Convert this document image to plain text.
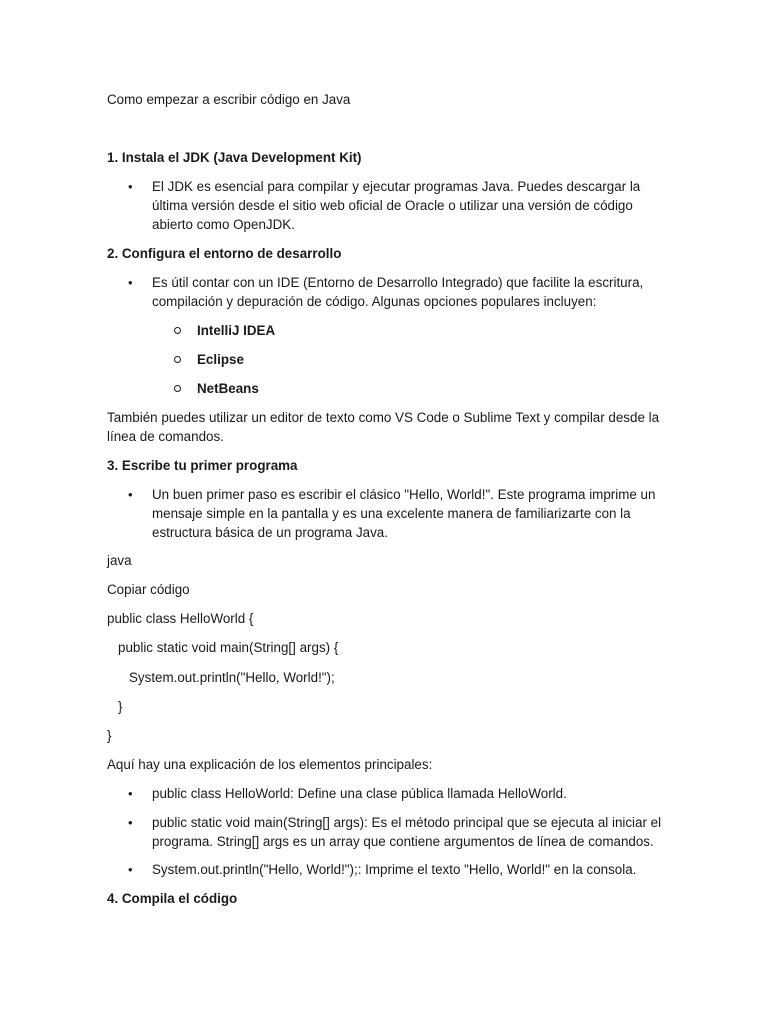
Como empezar a escribir código en Java
1. Instala el JDK (Java Development Kit)
• El JDK es esencial para compilar y ejecutar programas Java. Puedes descargar la
última versión desde el sitio web oficial de Oracle o utilizar una versión de código
abierto como OpenJDK.
2. Configura el entorno de desarrollo
• Es útil contar con un IDE (Entorno de Desarrollo Integrado) que facilite la escritura,
compilación y depuración de código. Algunas opciones populares incluyen:
IntelliJ IDEA
Eclipse
NetBeans
También puedes utilizar un editor de texto como VS Code o Sublime Text y compilar desde la
línea de comandos.
3. Escribe tu primer programa
• Un buen primer paso es escribir el clásico "Hello, World!". Este programa imprime un
mensaje simple en la pantalla y es una excelente manera de familiarizarte con la
estructura básica de un programa Java.
java
Copiar código
public class HelloWorld {
public static void main(String[] args) {
System.out.println("Hello, World!");
}
}
Aquí hay una explicación de los elementos principales:
• public class HelloWorld: Define una clase pública llamada HelloWorld.
• public static void main(String[] args): Es el método principal que se ejecuta al iniciar el
programa. String[] args es un array que contiene argumentos de línea de comandos.
• System.out.println("Hello, World!");: Imprime el texto "Hello, World!" en la consola.
4. Compila el código
